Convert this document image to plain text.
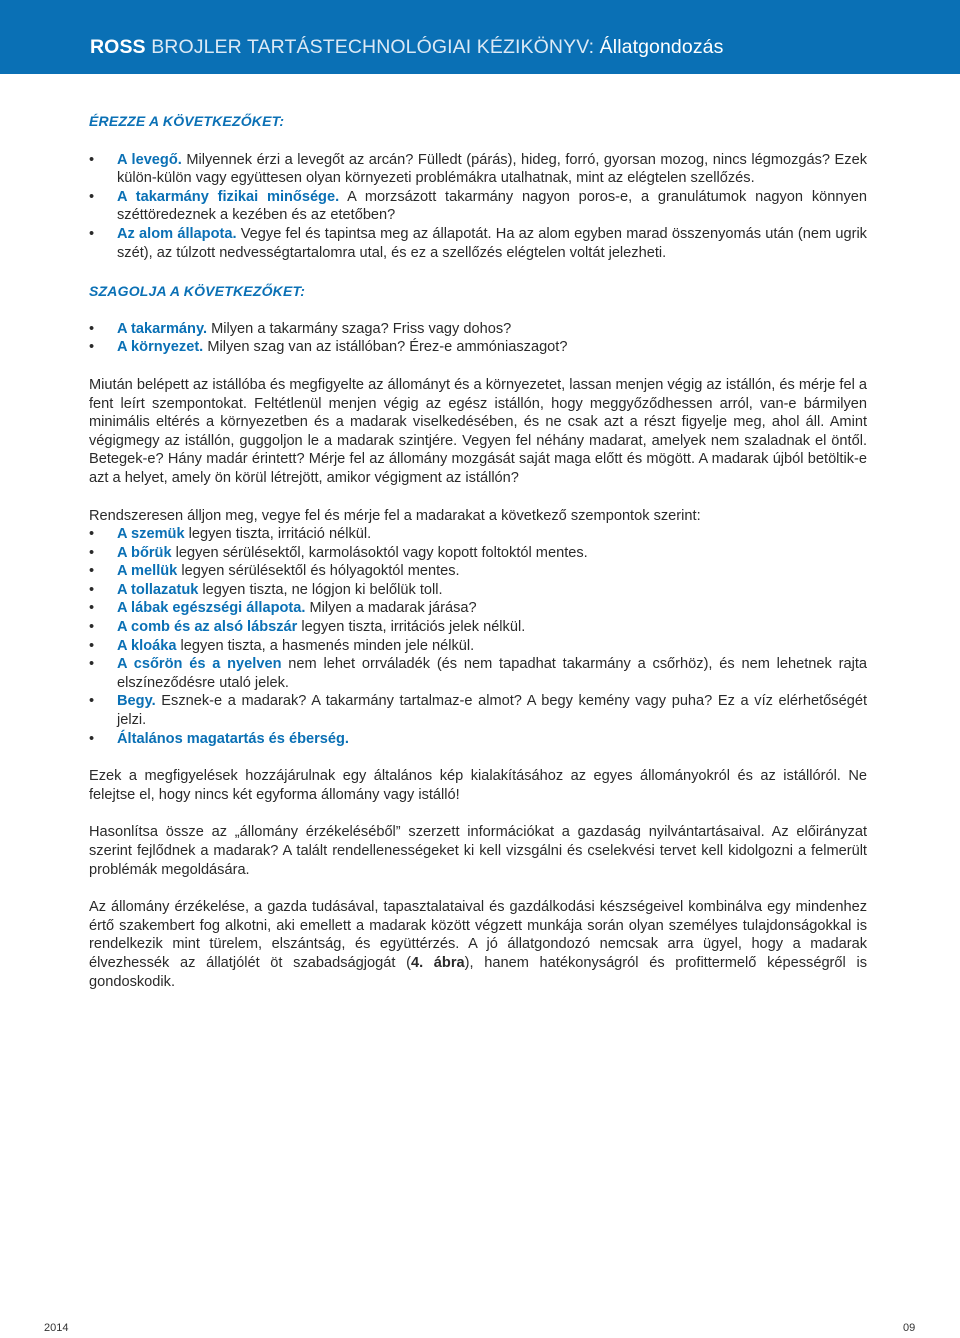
ROSS BROJLER TARTÁSTECHNOLÓGIAI KÉZIKÖNYV: Állatgondozás

ÉREZZE A KÖVETKEZŐKET:

• A levegő. Milyennek érzi a levegőt az arcán? Fülledt (párás), hideg, forró, gyorsan mozog, nincs légmozgás? Ezek külön-külön vagy együttesen olyan környezeti problémákra utalhatnak, mint az elégtelen szellőzés.
• A takarmány fizikai minősége. A morzsázott takarmány nagyon poros-e, a granulátumok nagyon könnyen széttöredeznek a kezében és az etetőben?
• Az alom állapota. Vegye fel és tapintsa meg az állapotát. Ha az alom egyben marad összenyomás után (nem ugrik szét), az túlzott nedvességtartalomra utal, és ez a szellőzés elégtelen voltát jelezheti.

SZAGOLJA A KÖVETKEZŐKET:

• A takarmány. Milyen a takarmány szaga? Friss vagy dohos?
• A környezet. Milyen szag van az istállóban? Érez-e ammóniaszagot?

Miután belépett az istállóba és megfigyelte az állományt és a környezetet, lassan menjen végig az istállón, és mérje fel a fent leírt szempontokat. Feltétlenül menjen végig az egész istállón, hogy meggyőződhessen arról, van-e bármilyen minimális eltérés a környezetben és a madarak viselkedésében, és ne csak azt a részt figyelje meg, ahol áll. Amint végigmegy az istállón, guggoljon le a madarak szintjére. Vegyen fel néhány madarat, amelyek nem szaladnak el öntől. Betegek-e? Hány madár érintett? Mérje fel az állomány mozgását saját maga előtt és mögött. A madarak újból betöltik-e azt a helyet, amely ön körül létrejött, amikor végigment az istállón?

Rendszeresen álljon meg, vegye fel és mérje fel a madarakat a következő szempontok szerint:

• A szemük legyen tiszta, irritáció nélkül.
• A bőrük legyen sérülésektől, karmolásoktól vagy kopott foltoktól mentes.
• A mellük legyen sérülésektől és hólyagoktól mentes.
• A tollazatuk legyen tiszta, ne lógjon ki belőlük toll.
• A lábak egészségi állapota. Milyen a madarak járása?
• A comb és az alsó lábszár legyen tiszta, irritációs jelek nélkül.
• A kloáka legyen tiszta, a hasmenés minden jele nélkül.
• A csőrön és a nyelven nem lehet orrváladék (és nem tapadhat takarmány a csőrhöz), és nem lehetnek rajta elszíneződésre utaló jelek.
• Begy. Esznek-e a madarak? A takarmány tartalmaz-e almot? A begy kemény vagy puha? Ez a víz elérhetőségét jelzi.
• Általános magatartás és éberség.

Ezek a megfigyelések hozzájárulnak egy általános kép kialakításához az egyes állományokról és az istállóról. Ne felejtse el, hogy nincs két egyforma állomány vagy istálló!

Hasonlítsa össze az „állomány érzékeléséből” szerzett információkat a gazdaság nyilvántartásaival. Az előirányzat szerint fejlődnek a madarak? A talált rendellenességeket ki kell vizsgálni és cselekvési tervet kell kidolgozni a felmerült problémák megoldására.

Az állomány érzékelése, a gazda tudásával, tapasztalataival és gazdálkodási készségeivel kombinálva egy mindenhez értő szakembert fog alkotni, aki emellett a madarak között végzett munkája során olyan személyes tulajdonságokkal is rendelkezik mint türelem, elszántság, és együttérzés. A jó állatgondozó nemcsak arra ügyel, hogy a madarak élvezhessék az állatjólét öt szabadságjogát (4. ábra), hanem hatékonyságról és profittermelő képességről is gondoskodik.

2014	09
